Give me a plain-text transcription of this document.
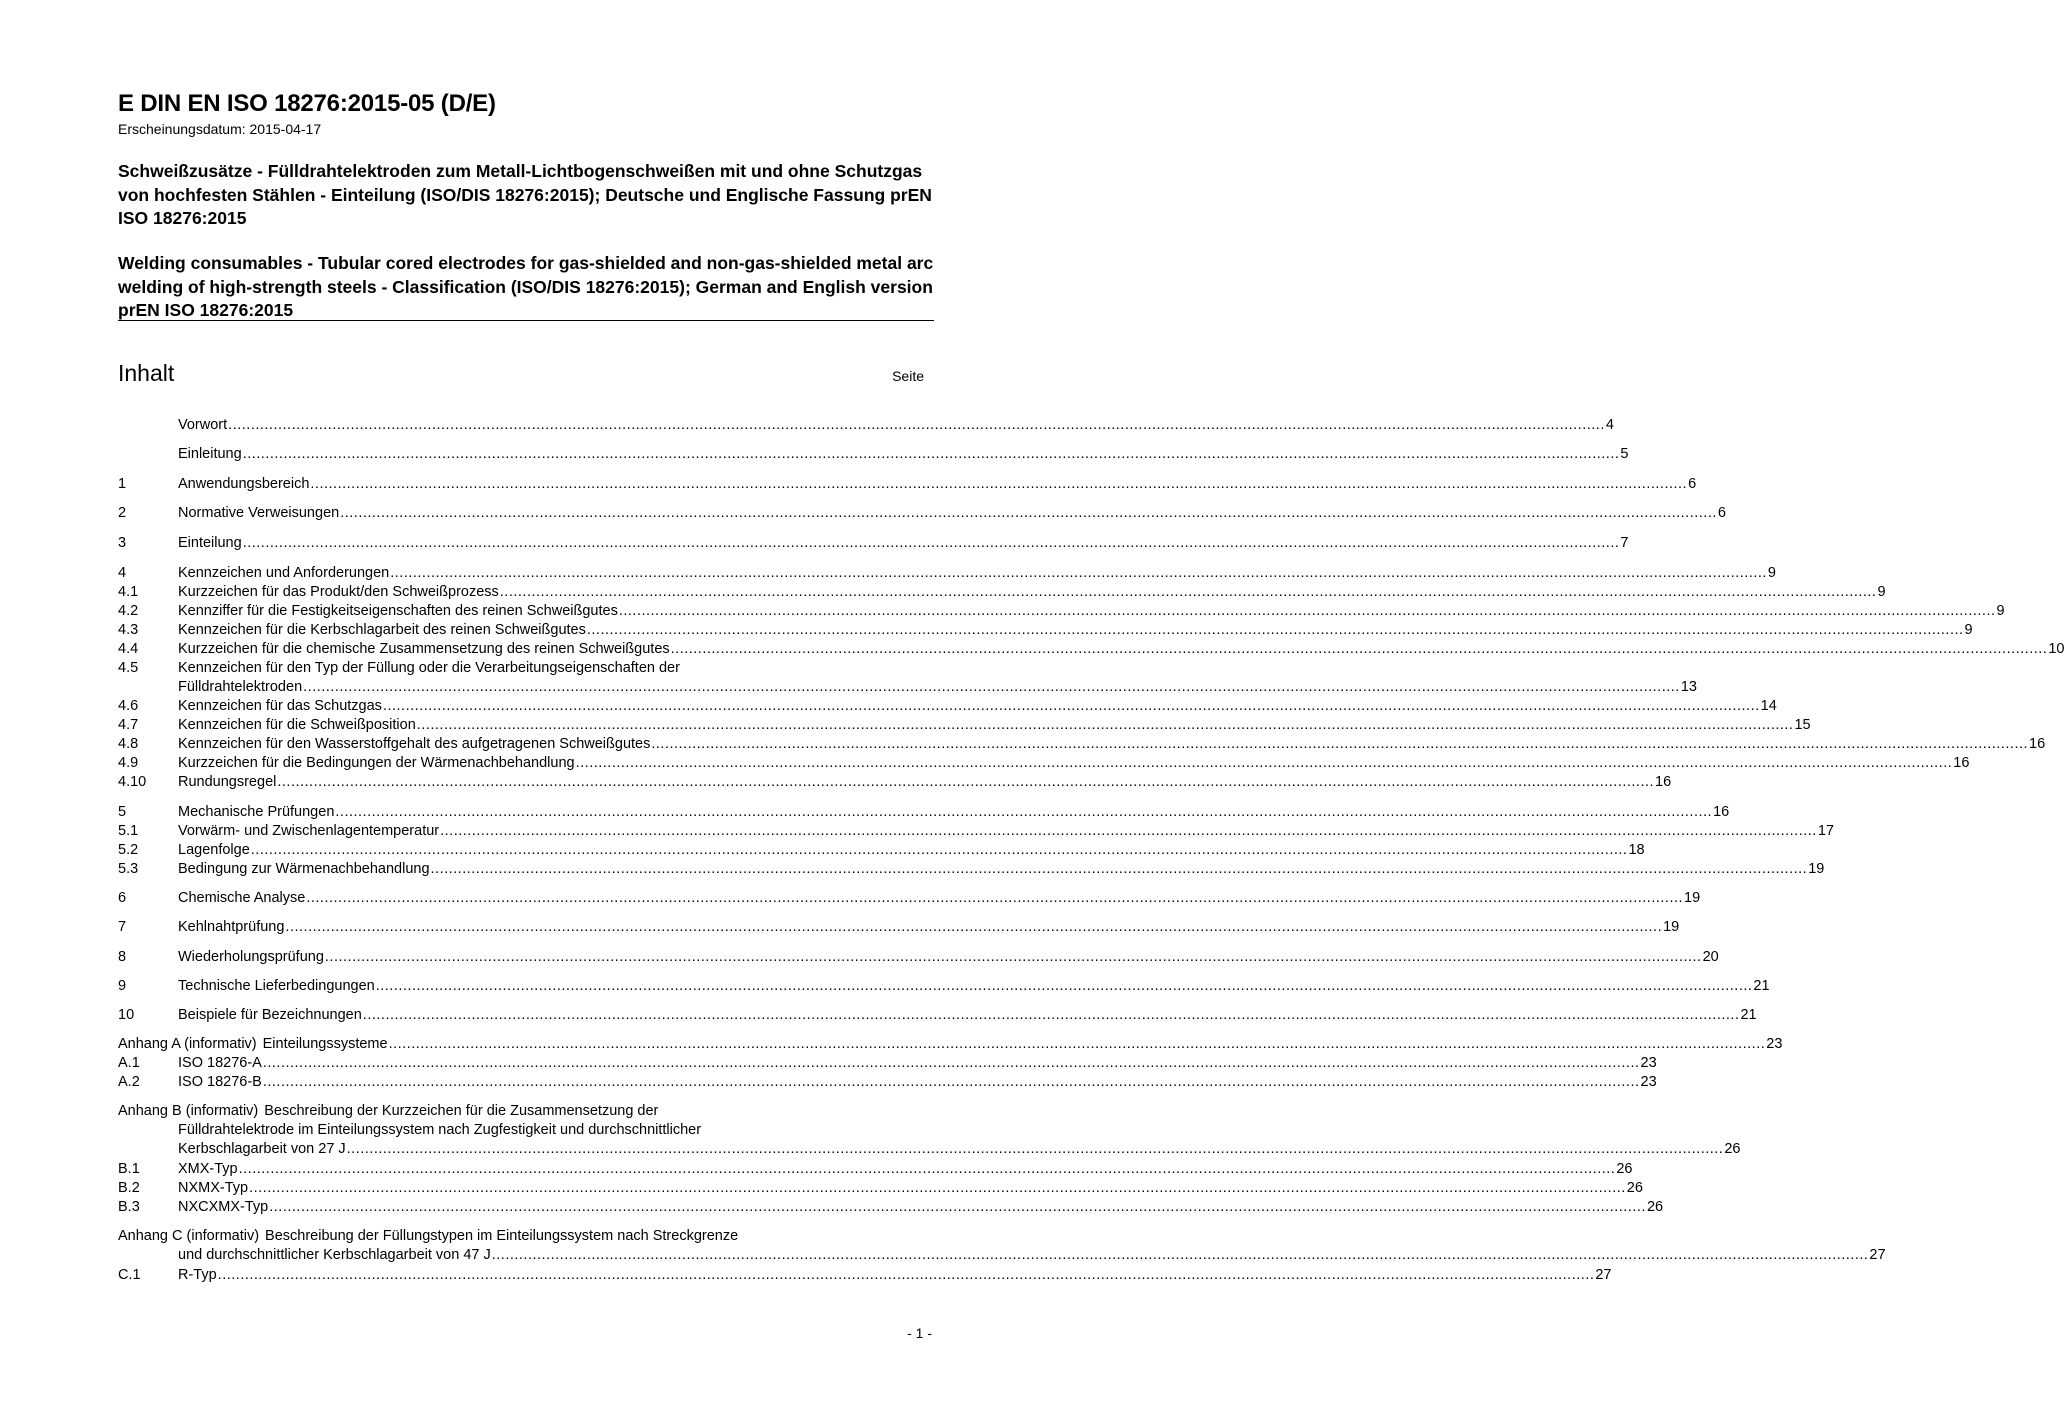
E DIN EN ISO 18276:2015-05 (D/E)
Erscheinungsdatum: 2015-04-17
Schweißzusätze - Fülldrahtelektroden zum Metall-Lichtbogenschweißen mit und ohne Schutzgas von hochfesten Stählen - Einteilung (ISO/DIS 18276:2015); Deutsche und Englische Fassung prEN ISO 18276:2015
Welding consumables - Tubular cored electrodes for gas-shielded and non-gas-shielded metal arc welding of high-strength steels - Classification (ISO/DIS 18276:2015); German and English version prEN ISO 18276:2015
Inhalt	Seite
Vorwort .....	4
Einleitung .....	5
1	Anwendungsbereich .....	6
2	Normative Verweisungen .....	6
3	Einteilung .....	7
4	Kennzeichen und Anforderungen .....	9
4.1	Kurzzeichen für das Produkt/den Schweißprozess .....	9
4.2	Kennziffer für die Festigkeitseigenschaften des reinen Schweißgutes .....	9
4.3	Kennzeichen für die Kerbschlagarbeit des reinen Schweißgutes .....	9
4.4	Kurzzeichen für die chemische Zusammensetzung des reinen Schweißgutes .....	10
4.5	Kennzeichen für den Typ der Füllung oder die Verarbeitungseigenschaften der
Fülldrahtelektroden .....	13
4.6	Kennzeichen für das Schutzgas .....	14
4.7	Kennzeichen für die Schweißposition .....	15
4.8	Kennzeichen für den Wasserstoffgehalt des aufgetragenen Schweißgutes .....	16
4.9	Kurzzeichen für die Bedingungen der Wärmenachbehandlung .....	16
4.10	Rundungsregel .....	16
5	Mechanische Prüfungen .....	16
5.1	Vorwärm- und Zwischenlagentemperatur .....	17
5.2	Lagenfolge .....	18
5.3	Bedingung zur Wärmenachbehandlung .....	19
6	Chemische Analyse .....	19
7	Kehlnahtprüfung .....	19
8	Wiederholungsprüfung .....	20
9	Technische Lieferbedingungen .....	21
10	Beispiele für Bezeichnungen .....	21
Anhang A (informativ) Einteilungssysteme .....	23
A.1	ISO 18276-A .....	23
A.2	ISO 18276-B .....	23
Anhang B (informativ) Beschreibung der Kurzzeichen für die Zusammensetzung der
Fülldrahtelektrode im Einteilungssystem nach Zugfestigkeit und durchschnittlicher
Kerbschlagarbeit von 27 J .....	26
B.1	XMX-Typ .....	26
B.2	NXMX-Typ .....	26
B.3	NXCXMX-Typ .....	26
Anhang C (informativ) Beschreibung der Füllungstypen im Einteilungssystem nach Streckgrenze
und durchschnittlicher Kerbschlagarbeit von 47 J .....	27
C.1	R-Typ .....	27
- 1 -
